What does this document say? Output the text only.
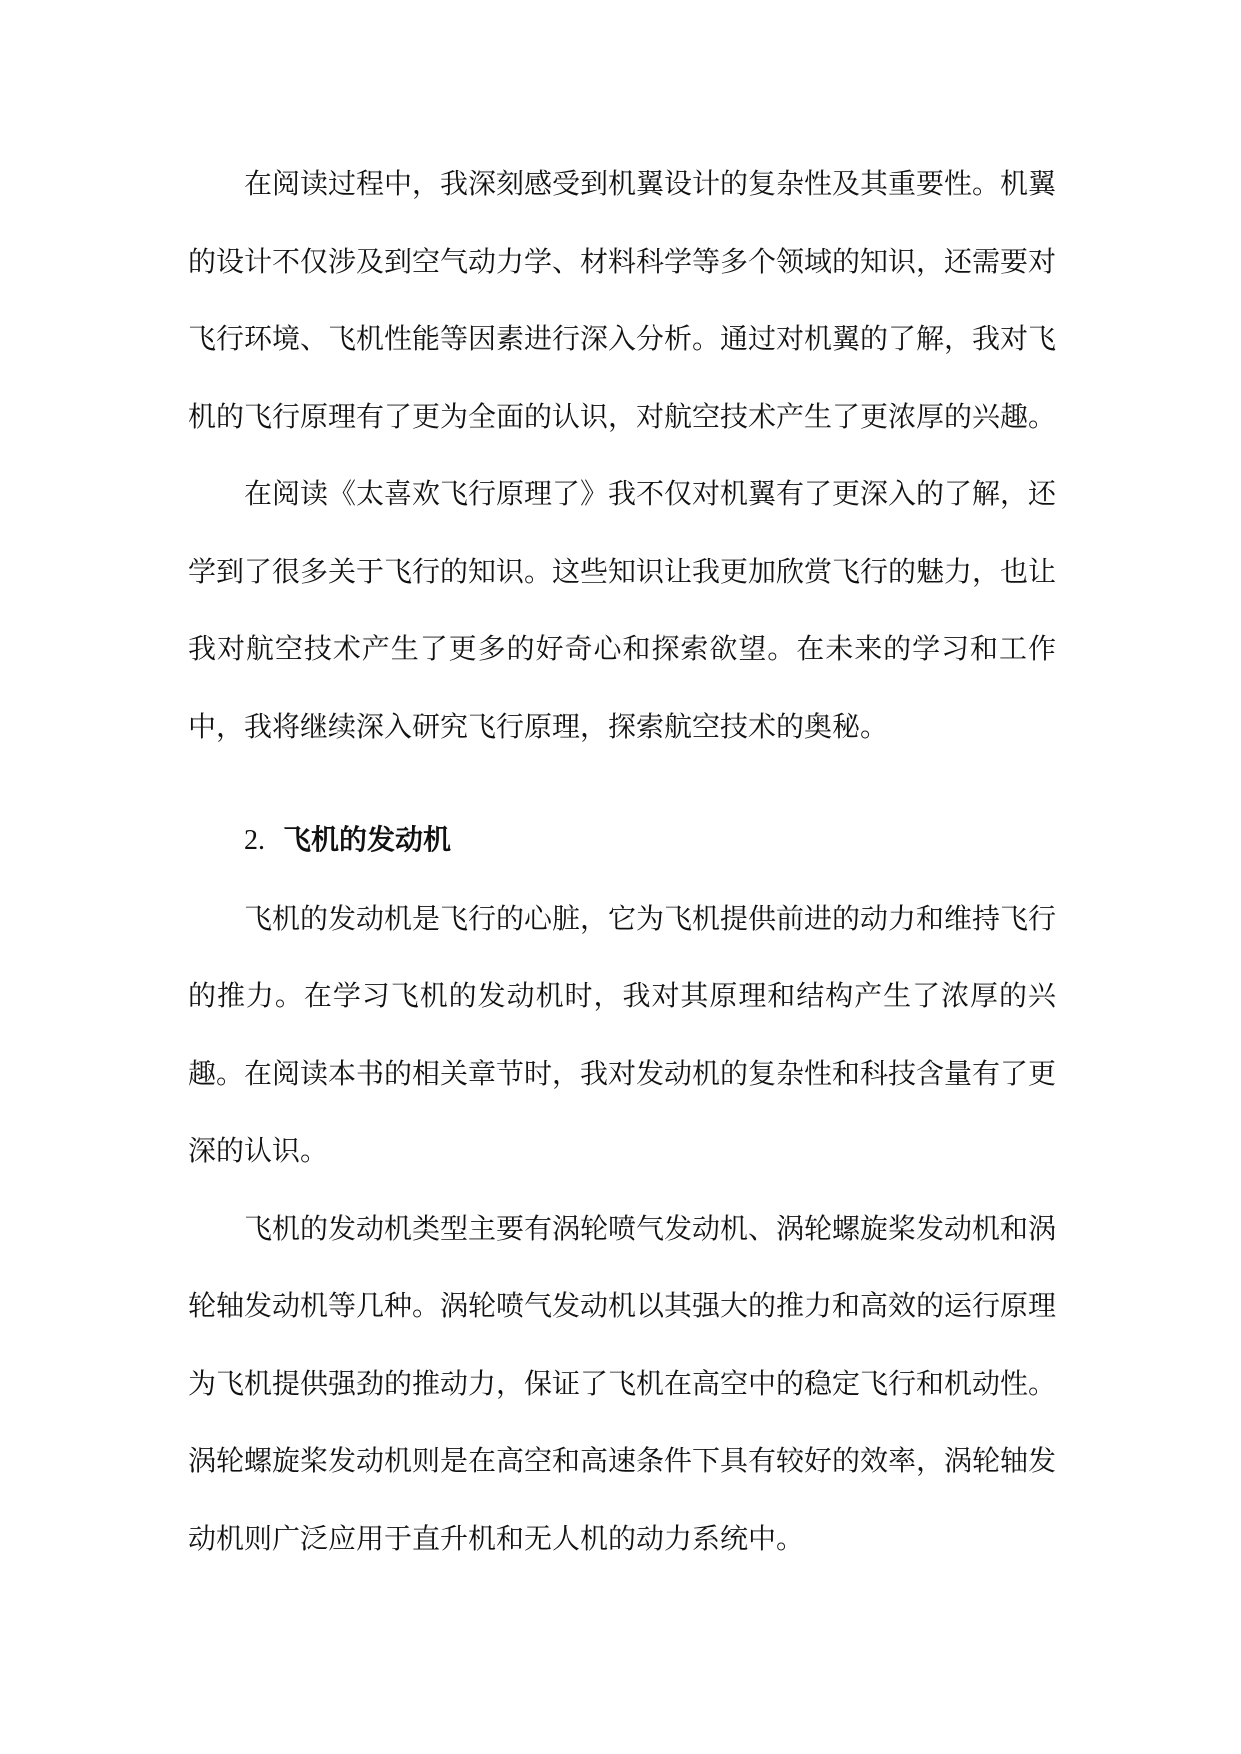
在阅读过程中，我深刻感受到机翼设计的复杂性及其重要性。机翼的设计不仅涉及到空气动力学、材料科学等多个领域的知识，还需要对飞行环境、飞机性能等因素进行深入分析。通过对机翼的了解，我对飞机的飞行原理有了更为全面的认识，对航空技术产生了更浓厚的兴趣。

在阅读《太喜欢飞行原理了》我不仅对机翼有了更深入的了解，还学到了很多关于飞行的知识。这些知识让我更加欣赏飞行的魅力，也让我对航空技术产生了更多的好奇心和探索欲望。在未来的学习和工作中，我将继续深入研究飞行原理，探索航空技术的奥秘。

2. 飞机的发动机

飞机的发动机是飞行的心脏，它为飞机提供前进的动力和维持飞行的推力。在学习飞机的发动机时，我对其原理和结构产生了浓厚的兴趣。在阅读本书的相关章节时，我对发动机的复杂性和科技含量有了更深的认识。

飞机的发动机类型主要有涡轮喷气发动机、涡轮螺旋桨发动机和涡轮轴发动机等几种。涡轮喷气发动机以其强大的推力和高效的运行原理为飞机提供强劲的推动力，保证了飞机在高空中的稳定飞行和机动性。涡轮螺旋桨发动机则是在高空和高速条件下具有较好的效率，涡轮轴发动机则广泛应用于直升机和无人机的动力系统中。
